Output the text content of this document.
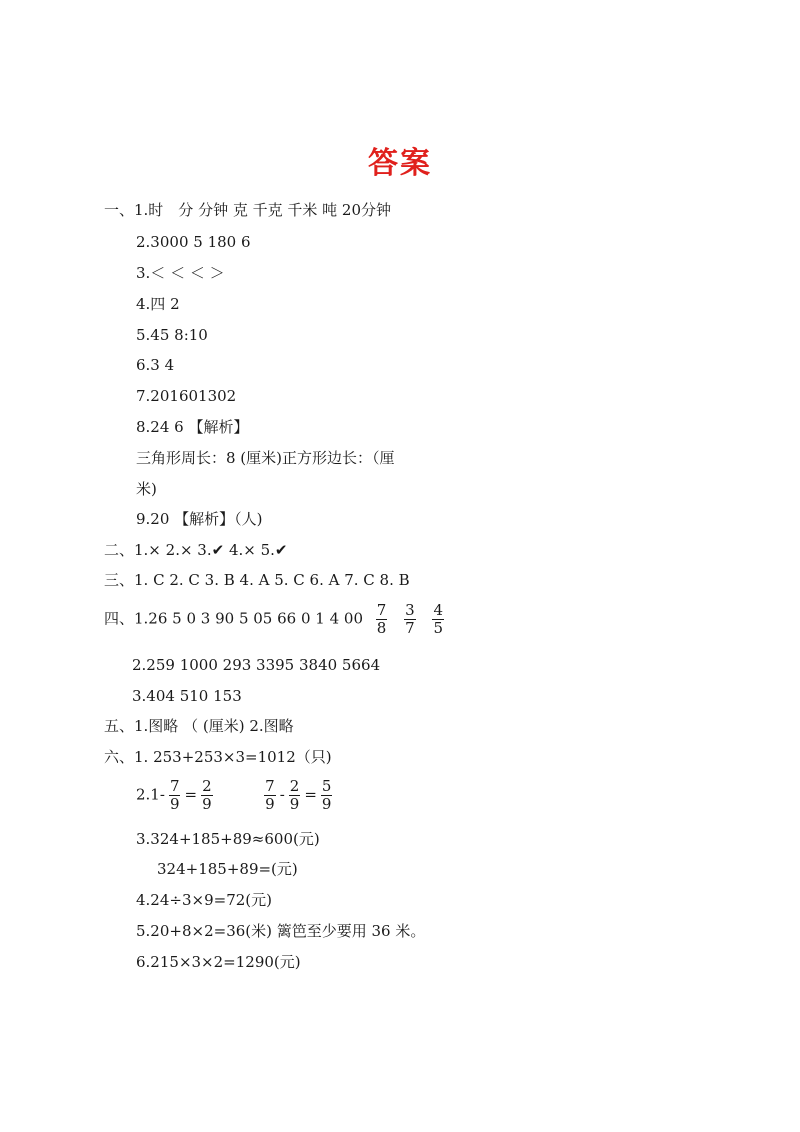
答案
一、1.时　分 分钟 克 千克 千米 吨 20分钟
2.3000 5 180 6
3.＜ ＜ ＜ ＞
4.四 2
5.45 8:10
6.3 4
7.201601302
8.24 6 【解析】
三角形周长：8 (厘米)正方形边长：（厘
米)
9.20 【解析】（人)
二、1.× 2.× 3.✔ 4.× 5.✔
三、1. C 2. C 3. B 4. A 5. C 6. A 7. C 8. B
四、1.26 5 0 3 90 5 05 66 0 1 4 $00 \frac{7}{8}$
$\frac{3}{7}$
$\frac{4}{5}$
2.259 1000 293 3395 3840 5664
3.404 510 153
五、1.图略 （ (厘米) 2.图略
六、1. 253+253×3=1012（只)
$2.1- \frac{7}{9} = \frac{2}{9}$
	$\frac{7}{9} - \frac{2}{9} = \frac{5}{9}$
3.324+185+89≈600(元)
324+185+89=(元)
4.24÷3×9=72(元)
5.20+8×2=36(米) 篱笆至少要用 36 米。
6.215×3×2=1290(元)
